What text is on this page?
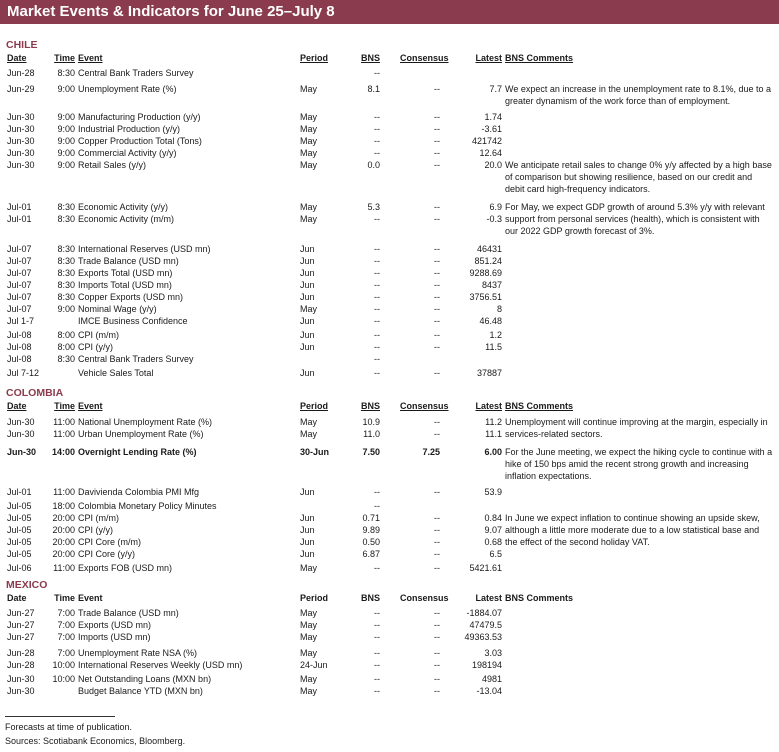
Market Events & Indicators for June 25–July 8
CHILE
Date	Time Event	Period	BNS Consensus	Latest BNS Comments
Jun-28	8:30 Central Bank Traders Survey	--
Jun-29	9:00 Unemployment Rate (%)	May	8.1	--	7.7 We expect an increase in the unemployment rate to 8.1%, due to a
greater dynamism of the work force than of employment.
Jun-30	9:00 Manufacturing Production (y/y)	May	--	--	1.74
Jun-30	9:00 Industrial Production (y/y)	May	--	--	-3.61
Jun-30	9:00 Copper Production Total (Tons)	May	--	--	421742
Jun-30	9:00 Commercial Activity (y/y)	May	--	--	12.64
Jun-30	9:00 Retail Sales (y/y)	May	0.0	--	20.0 We anticipate retail sales to change 0% y/y affected by a high base
of comparison but showing resilience, based on our credit and
debit card high-frequency indicators.
Jul-01	8:30 Economic Activity (y/y)	May	5.3	--	6.9 For May, we expect GDP growth of around 5.3% y/y with relevant
Jul-01	8:30 Economic Activity (m/m)	May	--	--	-0.3 support from personal services (health), which is consistent with
our 2022 GDP growth forecast of 3%.
Jul-07	8:30 International Reserves (USD mn)	Jun	--	--	46431
Jul-07	8:30 Trade Balance (USD mn)	Jun	--	--	851.24
Jul-07	8:30 Exports Total (USD mn)	Jun	--	--	9288.69
Jul-07	8:30 Imports Total (USD mn)	Jun	--	--	8437
Jul-07	8:30 Copper Exports (USD mn)	Jun	--	--	3756.51
Jul-07	9:00 Nominal Wage (y/y)	May	--	--	8
Jul 1-7	IMCE Business Confidence	Jun	--	--	46.48
Jul-08	8:00 CPI (m/m)	Jun	--	--	1.2
Jul-08	8:00 CPI (y/y)	Jun	--	--	11.5
Jul-08	8:30 Central Bank Traders Survey	--
Jul 7-12	Vehicle Sales Total	Jun	--	--	37887
COLOMBIA
Date	Time Event	Period	BNS Consensus	Latest BNS Comments
Jun-30	11:00 National Unemployment Rate (%)	May	10.9	--	11.2 Unemployment will continue improving at the margin, especially in
Jun-30	11:00 Urban Unemployment Rate (%)	May	11.0	--	11.1 services-related sectors.
Jun-30	14:00 Overnight Lending Rate (%)	30-Jun	7.50	7.25	6.00 For the June meeting, we expect the hiking cycle to continue with a
hike of 150 bps amid the recent strong growth and increasing
inflation expectations.
Jul-01	11:00 Davivienda Colombia PMI Mfg	Jun	--	--	53.9
Jul-05	18:00 Colombia Monetary Policy Minutes	--
Jul-05	20:00 CPI (m/m)	Jun	0.71	--	0.84 In June we expect inflation to continue showing an upside skew,
Jul-05	20:00 CPI (y/y)	Jun	9.89	--	9.07 although a little more moderate due to a low statistical base and
Jul-05	20:00 CPI Core (m/m)	Jun	0.50	--	0.68 the effect of the second holiday VAT.
Jul-05	20:00 CPI Core (y/y)	Jun	6.87	--	6.5
Jul-06	11:00 Exports FOB (USD mn)	May	--	--	5421.61
MEXICO
Date	Time Event	Period	BNS Consensus	Latest BNS Comments
Jun-27	7:00 Trade Balance (USD mn)	May	--	--	-1884.07
Jun-27	7:00 Exports (USD mn)	May	--	--	47479.5
Jun-27	7:00 Imports (USD mn)	May	--	--	49363.53
Jun-28	7:00 Unemployment Rate NSA (%)	May	--	--	3.03
Jun-28	10:00 International Reserves Weekly (USD mn)	24-Jun	--	--	198194
Jun-30	10:00 Net Outstanding Loans (MXN bn)	May	--	--	4981
Jun-30	Budget Balance YTD (MXN bn)	May	--	--	-13.04
Forecasts at time of publication.
Sources: Scotiabank Economics, Bloomberg.
